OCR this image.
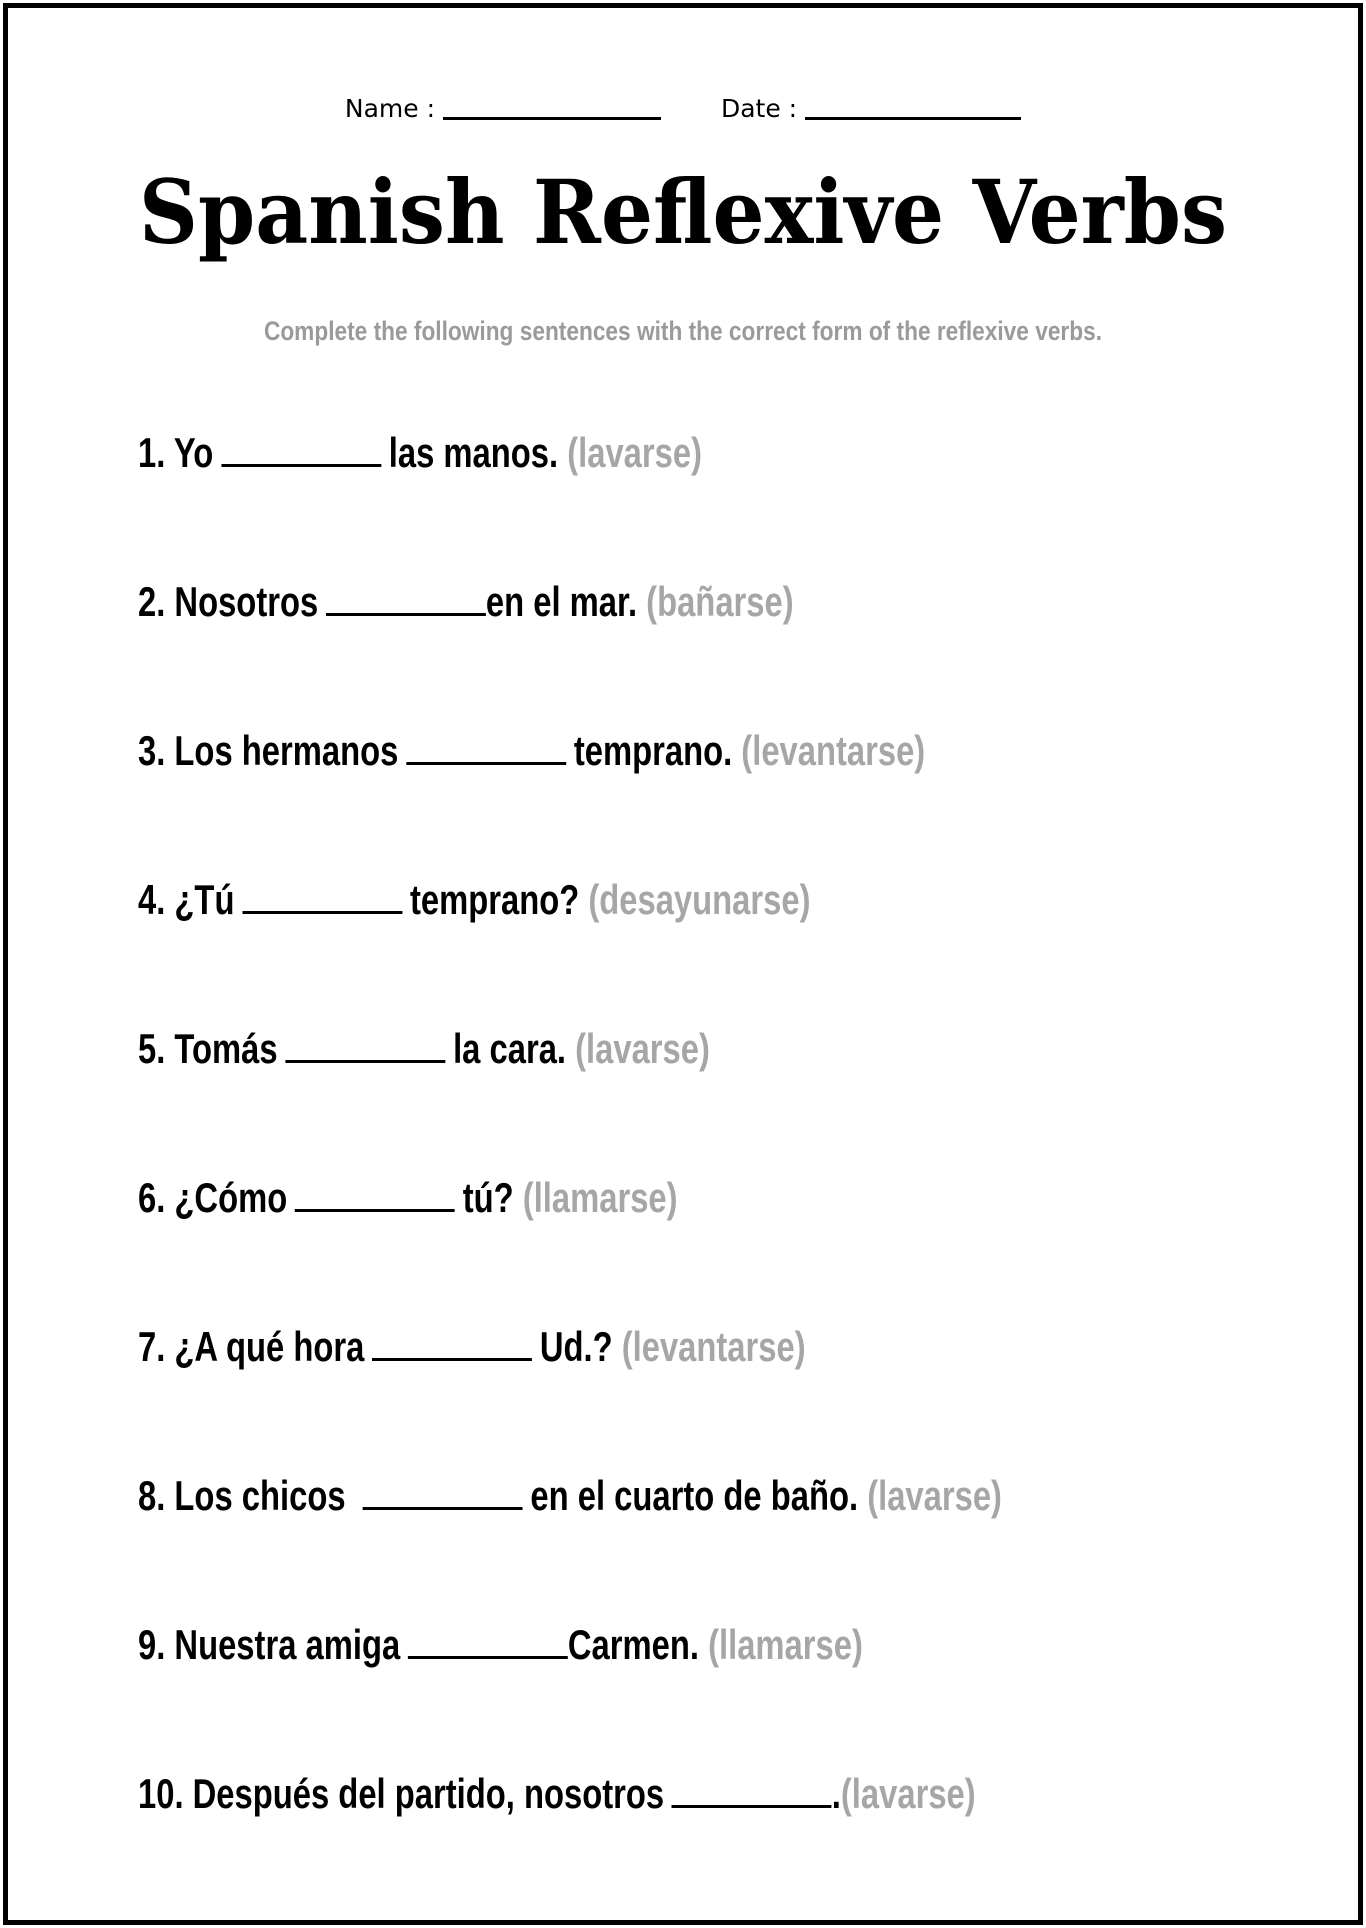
Name :	Date :
Spanish Reflexive Verbs
Complete the following sentences with the correct form of the reflexive verbs.
1. Yo	las manos. (lavarse)
2. Nosotros	en el mar. (bañarse)
3. Los hermanos	temprano. (levantarse)
4. ¿Tú	temprano? (desayunarse)
5. Tomás	la cara. (lavarse)
6. ¿Cómo	tú? (llamarse)
7. ¿A qué hora	Ud.? (levantarse)
8. Los chicos	en el cuarto de baño. (lavarse)
9. Nuestra amiga	Carmen. (llamarse)
10. Después del partido, nosotros	.(lavarse)
